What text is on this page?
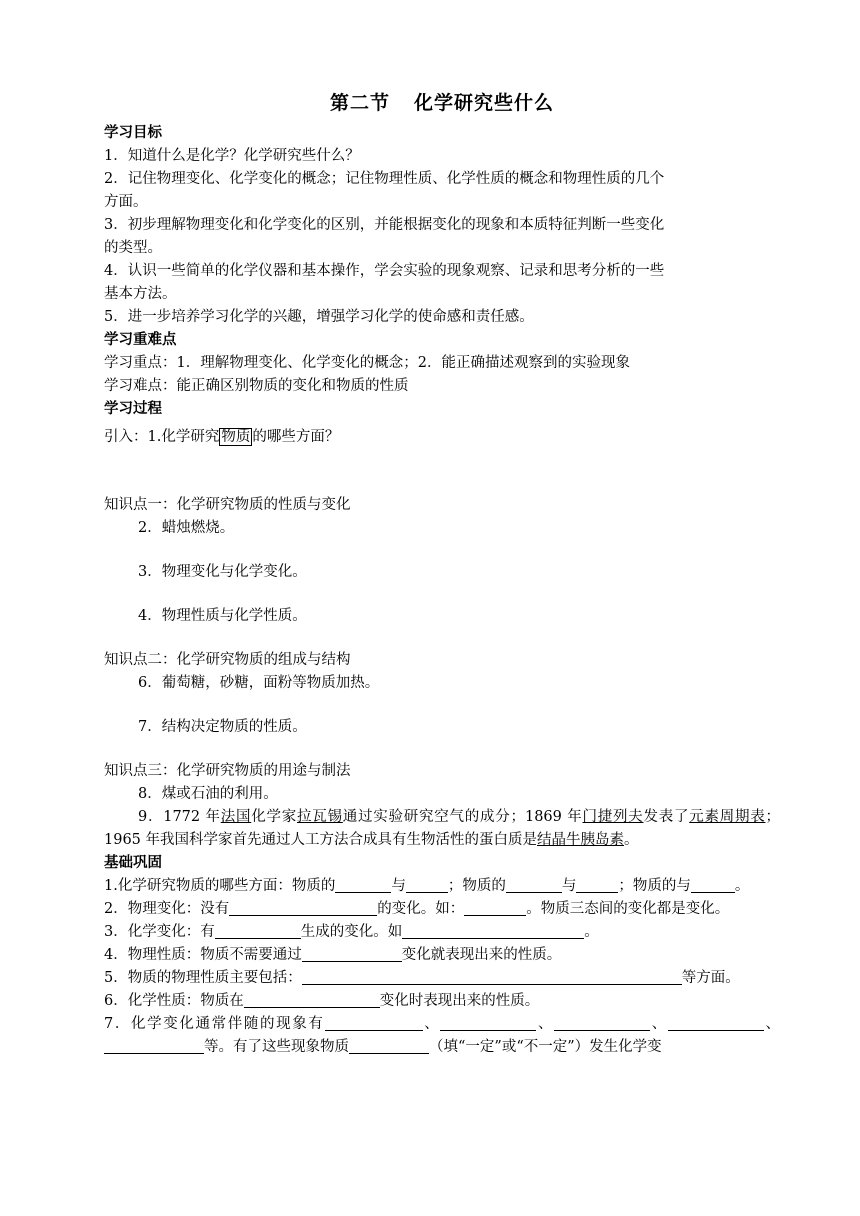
第二节 化学研究些什么
学习目标
1．知道什么是化学？化学研究些什么？
2．记住物理变化、化学变化的概念；记住物理性质、化学性质的概念和物理性质的几个
方面。
3．初步理解物理变化和化学变化的区别，并能根据变化的现象和本质特征判断一些变化
的类型。
4．认识一些简单的化学仪器和基本操作，学会实验的现象观察、记录和思考分析的一些
基本方法。
5．进一步培养学习化学的兴趣，增强学习化学的使命感和责任感。
学习重难点
学习重点：1．理解物理变化、化学变化的概念；2．能正确描述观察到的实验现象
学习难点：能正确区别物质的变化和物质的性质
学习过程
引入：1.化学研究 物质 的哪些方面？
知识点一：化学研究物质的性质与变化
2．蜡烛燃烧。
3．物理变化与化学变化。
4．物理性质与化学性质。
知识点二：化学研究物质的组成与结构
6．葡萄糖，砂糖，面粉等物质加热。
7．结构决定物质的性质。
知识点三：化学研究物质的用途与制法
8．煤或石油的利用。
9．1772 年法国化学家拉瓦锡通过实验研究空气的成分；1869 年门捷列夫发表了元素周期表；1965 年我国科学家首先通过人工方法合成具有生物活性的蛋白质是结晶牛胰岛素。
基础巩固
1.化学研究物质的哪些方面：物质的	与	；物质的	与	；物质的与	。
2．物理变化：没有	的变化。如：	。物质三态间的变化都是变化。
3．化学变化：有	生成的变化。如	。
4．物理性质：物质不需要通过	变化就表现出来的性质。
5．物质的物理性质主要包括：	等方面。
6．化学性质：物质在	变化时表现出来的性质。
7．化学变化通常伴随的现象有	、	、	、	、等。有了这些现象物质	（填“一定”或“不一定”）发生化学变
